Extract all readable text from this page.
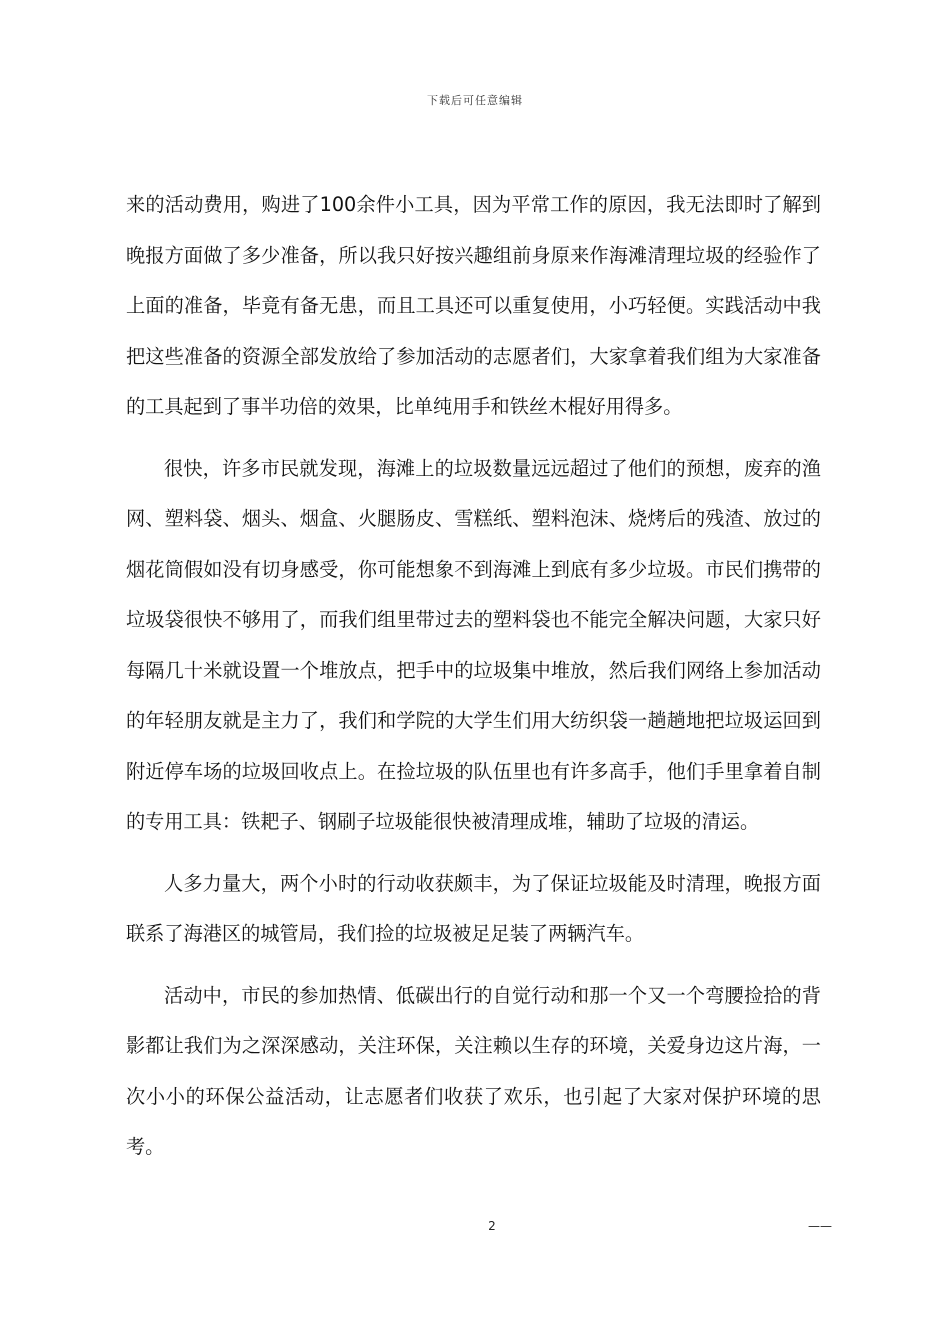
下载后可任意编辑

来的活动费用，购进了100余件小工具，因为平常工作的原因，我无法即时了解到晚报方面做了多少准备，所以我只好按兴趣组前身原来作海滩清理垃圾的经验作了上面的准备，毕竟有备无患，而且工具还可以重复使用，小巧轻便。实践活动中我把这些准备的资源全部发放给了参加活动的志愿者们，大家拿着我们组为大家准备的工具起到了事半功倍的效果，比单纯用手和铁丝木棍好用得多。

很快，许多市民就发现，海滩上的垃圾数量远远超过了他们的预想，废弃的渔网、塑料袋、烟头、烟盒、火腿肠皮、雪糕纸、塑料泡沫、烧烤后的残渣、放过的烟花筒假如没有切身感受，你可能想象不到海滩上到底有多少垃圾。市民们携带的垃圾袋很快不够用了，而我们组里带过去的塑料袋也不能完全解决问题，大家只好每隔几十米就设置一个堆放点，把手中的垃圾集中堆放，然后我们网络上参加活动的年轻朋友就是主力了，我们和学院的大学生们用大纺织袋一趟趟地把垃圾运回到附近停车场的垃圾回收点上。在捡垃圾的队伍里也有许多高手，他们手里拿着自制的专用工具：铁耙子、钢刷子垃圾能很快被清理成堆，辅助了垃圾的清运。

人多力量大，两个小时的行动收获颇丰，为了保证垃圾能及时清理，晚报方面联系了海港区的城管局，我们捡的垃圾被足足装了两辆汽车。

活动中，市民的参加热情、低碳出行的自觉行动和那一个又一个弯腰捡拾的背影都让我们为之深深感动，关注环保，关注赖以生存的环境，关爱身边这片海，一次小小的环保公益活动，让志愿者们收获了欢乐，也引起了大家对保护环境的思考。

2	——
